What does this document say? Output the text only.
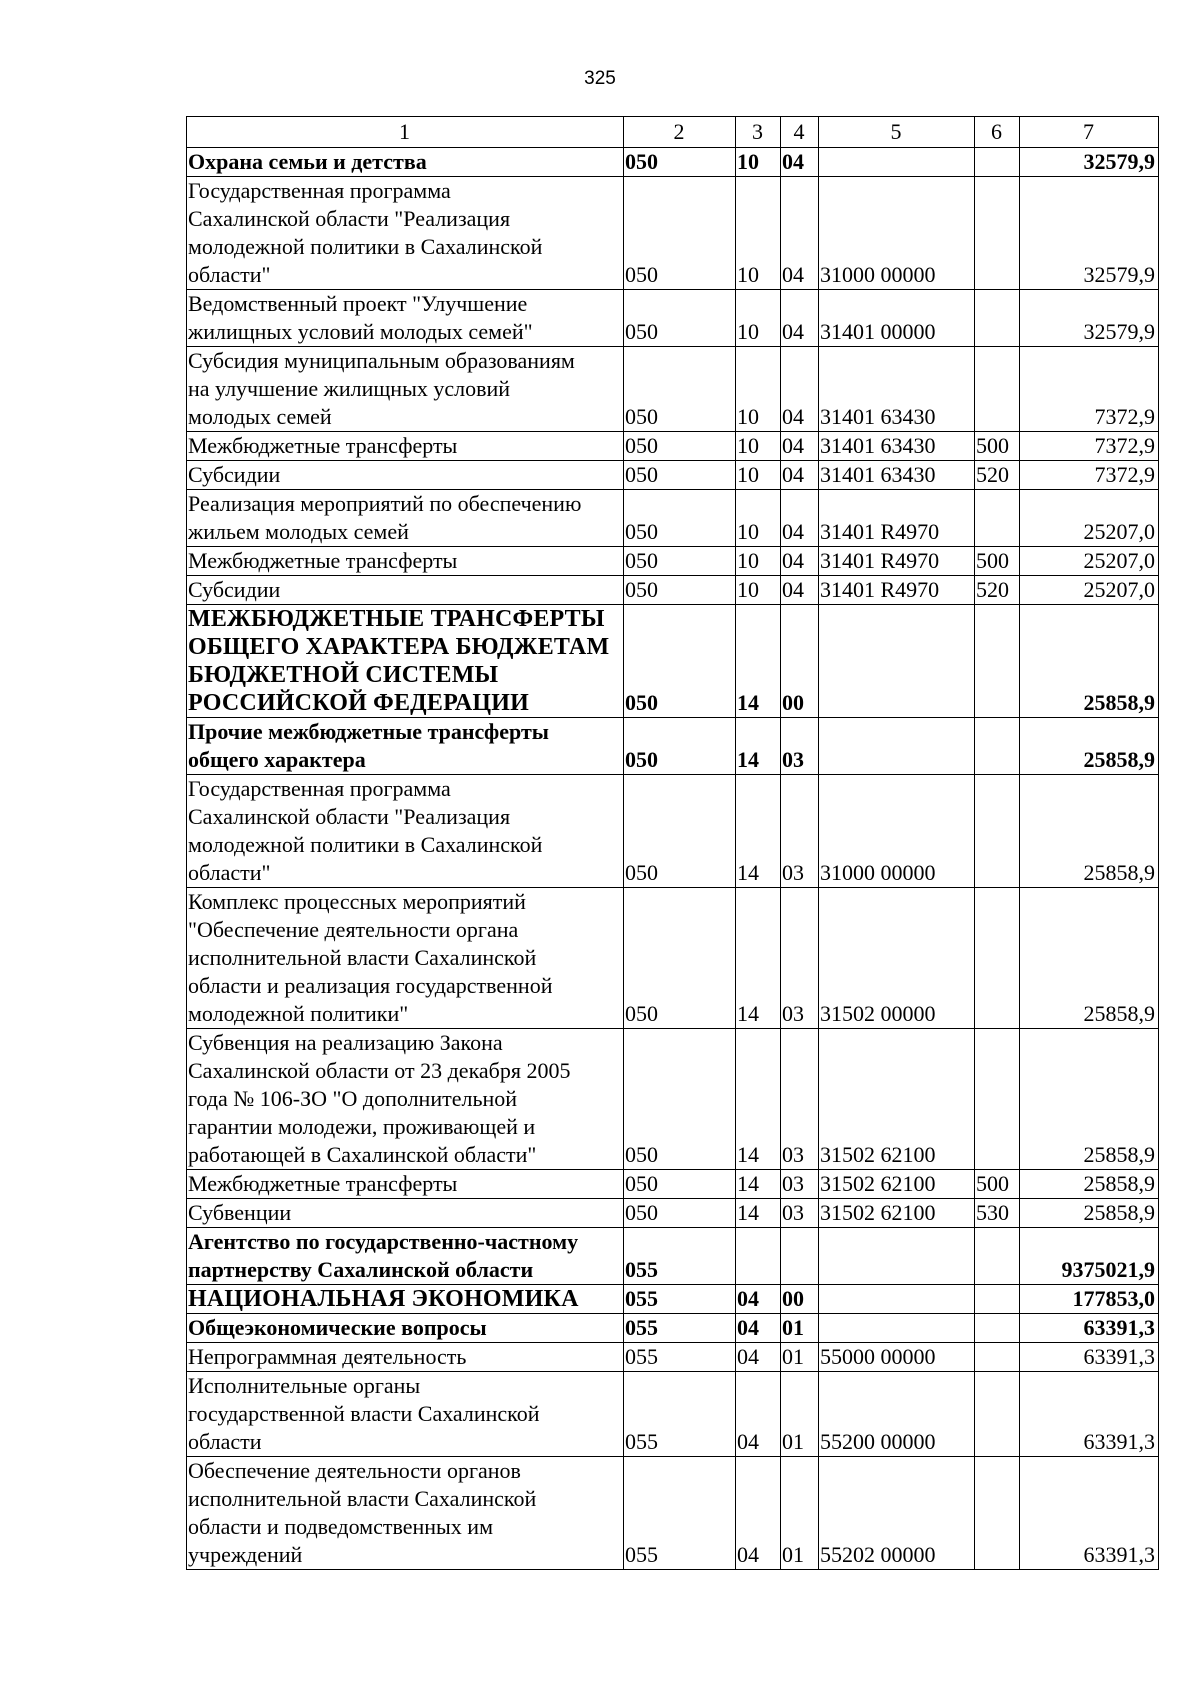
325
1	2	3	4	5	6	7
Охрана семьи и детства	050	10	04			32579,9
Государственная программа
Сахалинской области "Реализация
молодежной политики в Сахалинской
области"	050	10	04	31000 00000		32579,9
Ведомственный проект "Улучшение
жилищных условий молодых семей"	050	10	04	31401 00000		32579,9
Субсидия муниципальным образованиям
на улучшение жилищных условий
молодых семей	050	10	04	31401 63430		7372,9
Межбюджетные трансферты	050	10	04	31401 63430	500	7372,9
Субсидии	050	10	04	31401 63430	520	7372,9
Реализация мероприятий по обеспечению
жильем молодых семей	050	10	04	31401 R4970		25207,0
Межбюджетные трансферты	050	10	04	31401 R4970	500	25207,0
Субсидии	050	10	04	31401 R4970	520	25207,0
МЕЖБЮДЖЕТНЫЕ ТРАНСФЕРТЫ
ОБЩЕГО ХАРАКТЕРА БЮДЖЕТАМ
БЮДЖЕТНОЙ СИСТЕМЫ
РОССИЙСКОЙ ФЕДЕРАЦИИ	050	14	00			25858,9
Прочие межбюджетные трансферты
общего характера	050	14	03			25858,9
Государственная программа
Сахалинской области "Реализация
молодежной политики в Сахалинской
области"	050	14	03	31000 00000		25858,9
Комплекс процессных мероприятий
"Обеспечение деятельности органа
исполнительной власти Сахалинской
области и реализация государственной
молодежной политики"	050	14	03	31502 00000		25858,9
Субвенция на реализацию Закона
Сахалинской области от 23 декабря 2005
года № 106-ЗО "О дополнительной
гарантии молодежи, проживающей и
работающей в Сахалинской области"	050	14	03	31502 62100		25858,9
Межбюджетные трансферты	050	14	03	31502 62100	500	25858,9
Субвенции	050	14	03	31502 62100	530	25858,9
Агентство по государственно-частному
партнерству Сахалинской области	055					9375021,9
НАЦИОНАЛЬНАЯ ЭКОНОМИКА	055	04	00			177853,0
Общеэкономические вопросы	055	04	01			63391,3
Непрограммная деятельность	055	04	01	55000 00000		63391,3
Исполнительные органы
государственной власти Сахалинской
области	055	04	01	55200 00000		63391,3
Обеспечение деятельности органов
исполнительной власти Сахалинской
области и подведомственных им
учреждений	055	04	01	55202 00000		63391,3
